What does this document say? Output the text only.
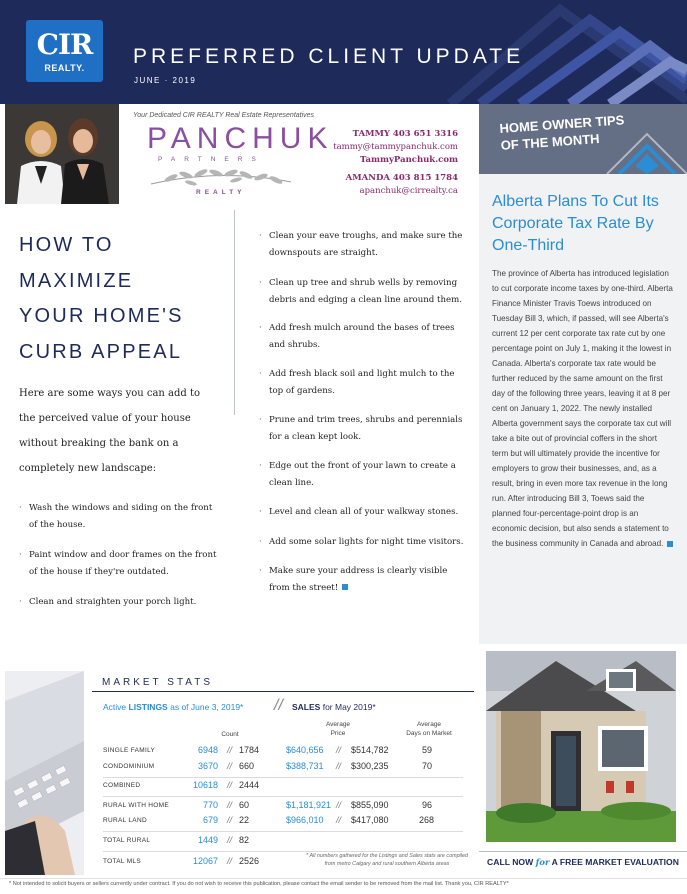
CIR
REALTY.	PREFERRED CLIENT UPDATE
JUNE · 2019
Your Dedicated CIR REALTY Real Estate Representatives
PANCHUK
PARTNERS
REALTY
TAMMY 403 651 3316
tammy@tammypanchuk.com
TammyPanchuk.com
AMANDA 403 815 1784
apanchuk@cirrealty.ca
HOME OWNER TIPS
OF THE MONTH
Alberta Plans To Cut Its Corporate Tax Rate By One-Third
The province of Alberta has introduced legislation to cut corporate income taxes by one-third. Alberta Finance Minister Travis Toews introduced on Tuesday Bill 3, which, if passed, will see Alberta's current 12 per cent corporate tax rate cut by one percentage point on July 1, making it the lowest in Canada. Alberta's corporate tax rate would be further reduced by the same amount on the first day of the following three years, leaving it at 8 per cent on January 1, 2022. The newly installed Alberta government says the corporate tax cut will take a bite out of provincial coffers in the short term but will ultimately provide the incentive for employers to grow their businesses, and, as a result, bring in even more tax revenue in the long run. After introducing Bill 3, Toews said the planned four-percentage-point drop is an economic decision, but also sends a statement to the business community in Canada and abroad.
CALL NOW for A FREE MARKET EVALUATION
HOW TO
MAXIMIZE
YOUR HOME'S
CURB APPEAL
Here are some ways you can add to the perceived value of your house without breaking the bank on a completely new landscape:
· Wash the windows and siding on the front of the house.
· Paint window and door frames on the front of the house if they're outdated.
· Clean and straighten your porch light.
· Clean your eave troughs, and make sure the downspouts are straight.
· Clean up tree and shrub wells by removing debris and edging a clean line around them.
· Add fresh mulch around the bases of trees and shrubs.
· Add fresh black soil and light mulch to the top of gardens.
· Prune and trim trees, shrubs and perennials for a clean kept look.
· Edge out the front of your lawn to create a clean line.
· Level and clean all of your walkway stones.
· Add some solar lights for night time visitors.
· Make sure your address is clearly visible from the street!
MARKET STATS
Active LISTINGS as of June 3, 2019* // SALES for May 2019*
Count
Average
Price
Average
Days on Market
SINGLE FAMILY	6948 // 1784	$640,656 // $514,782	59
CONDOMINIUM	3670 // 660	$388,731 // $300,235	70
COMBINED	10618 // 2444
RURAL WITH HOME	770 // 60	$1,181,921 // $855,090	96
RURAL LAND	679 // 22	$966,010 // $417,080	268
TOTAL RURAL	1449 // 82
TOTAL MLS	12067 // 2526	* All numbers gathered for the Listings and Sales stats are compiled from metro Calgary and rural southern Alberta areas
* Not intended to solicit buyers or sellers currently under contract. If you do not wish to receive this publication, please contact the email sender to be removed from the mail list. Thank you, CIR REALTY*
